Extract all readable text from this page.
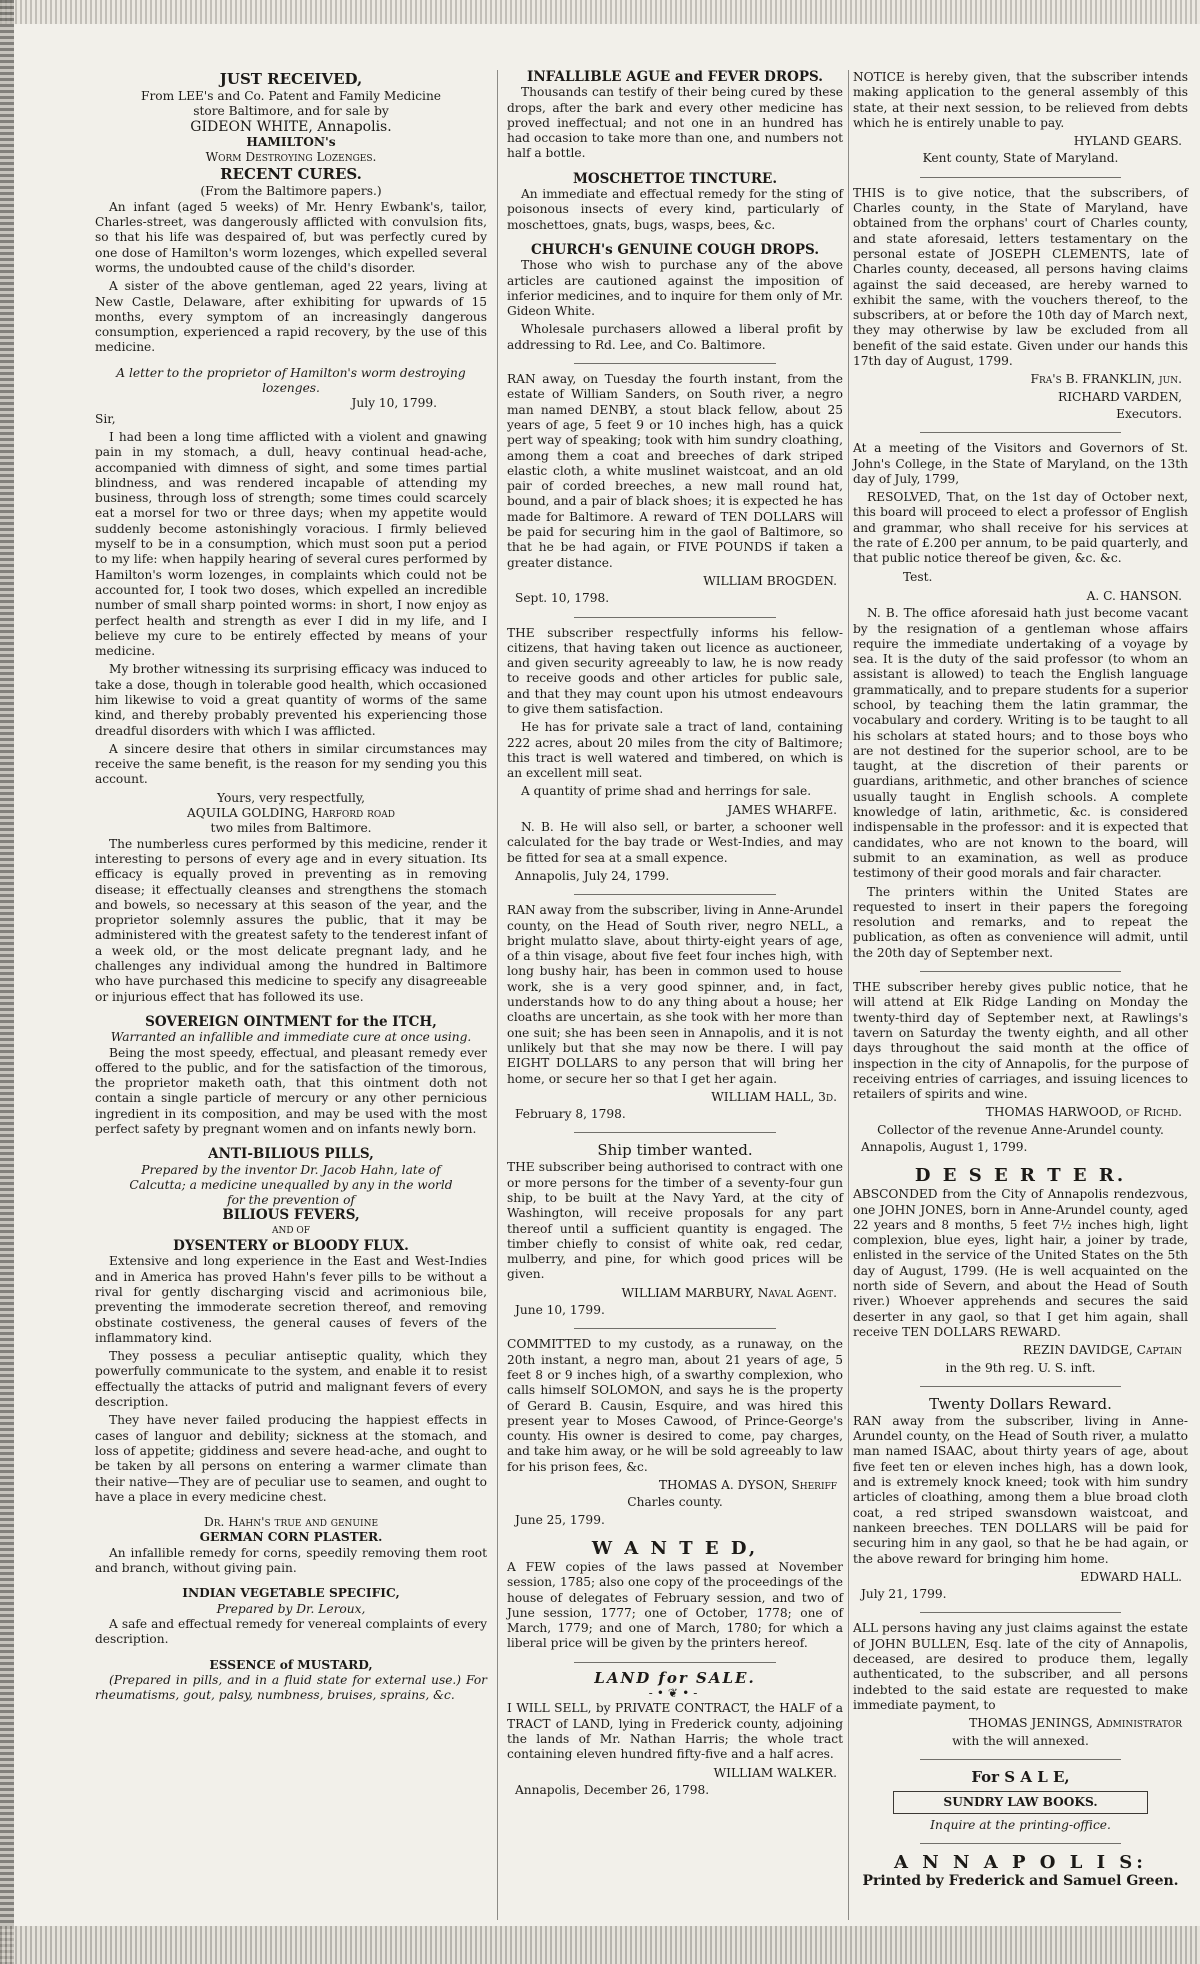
JUST RECEIVED,
From LEE's and Co. Patent and Family Medicine
store Baltimore, and for sale by
GIDEON WHITE, Annapolis.
HAMILTON's
Worm Destroying Lozenges.
RECENT CURES.
(From the Baltimore papers.)

An infant (aged 5 weeks) of Mr. Henry Ewbank's, tailor, Charles-street, was dangerously afflicted with convulsion fits, so that his life was despaired of, but was perfectly cured by one dose of Hamilton's worm lozenges, which expelled several worms, the undoubted cause of the child's disorder.

A sister of the above gentleman, aged 22 years, living at New Castle, Delaware, after exhibiting for upwards of 15 months, every symptom of an increasingly dangerous consumption, experienced a rapid recovery, by the use of this medicine.

A letter to the proprietor of Hamilton's worm destroying lozenges.
July 10, 1799.

Sir,

I had been a long time afflicted with a violent and gnawing pain in my stomach, a dull, heavy continual head-ache, accompanied with dimness of sight, and some times partial blindness, and was rendered incapable of attending my business, through loss of strength; some times could scarcely eat a morsel for two or three days; when my appetite would suddenly become astonishingly voracious. I firmly believed myself to be in a consumption, which must soon put a period to my life: when happily hearing of several cures performed by Hamilton's worm lozenges, in complaints which could not be accounted for, I took two doses, which expelled an incredible number of small sharp pointed worms: in short, I now enjoy as perfect health and strength as ever I did in my life, and I believe my cure to be entirely effected by means of your medicine.

My brother witnessing its surprising efficacy was induced to take a dose, though in tolerable good health, which occasioned him likewise to void a great quantity of worms of the same kind, and thereby probably prevented his experiencing those dreadful disorders with which I was afflicted.

A sincere desire that others in similar circumstances may receive the same benefit, is the reason for my sending you this account.

Yours, very respectfully,
AQUILA GOLDING, Harford road
two miles from Baltimore.

The numberless cures performed by this medicine, render it interesting to persons of every age and in every situation. Its efficacy is equally proved in preventing as in removing disease; it effectually cleanses and strengthens the stomach and bowels, so necessary at this season of the year, and the proprietor solemnly assures the public, that it may be administered with the greatest safety to the tenderest infant of a week old, or the most delicate pregnant lady, and he challenges any individual among the hundred in Baltimore who have purchased this medicine to specify any disagreeable or injurious effect that has followed its use.

SOVEREIGN OINTMENT for the ITCH,
Warranted an infallible and immediate cure at once using.

Being the most speedy, effectual, and pleasant remedy ever offered to the public, and for the satisfaction of the timorous, the proprietor maketh oath, that this ointment doth not contain a single particle of mercury or any other pernicious ingredient in its composition, and may be used with the most perfect safety by pregnant women and on infants newly born.

ANTI-BILIOUS PILLS,
Prepared by the inventor Dr. Jacob Hahn, late of Calcutta; a medicine unequalled by any in the world for the prevention of
BILIOUS FEVERS,
AND OF
DYSENTERY or BLOODY FLUX.

Extensive and long experience in the East and West-Indies and in America has proved Hahn's fever pills to be without a rival for gently discharging viscid and acrimonious bile, preventing the immoderate secretion thereof, and removing obstinate costiveness, the general causes of fevers of the inflammatory kind.

They possess a peculiar antiseptic quality, which they powerfully communicate to the system, and enable it to resist effectually the attacks of putrid and malignant fevers of every description.

They have never failed producing the happiest effects in cases of languor and debility; sickness at the stomach, and loss of appetite; giddiness and severe head-ache, and ought to be taken by all persons on entering a warmer climate than their native—They are of peculiar use to seamen, and ought to have a place in every medicine chest.

Dr. Hahn's true and genuine
GERMAN CORN PLASTER.

An infallible remedy for corns, speedily removing them root and branch, without giving pain.

INDIAN VEGETABLE SPECIFIC,
Prepared by Dr. Leroux,

A safe and effectual remedy for venereal complaints of every description.

ESSENCE of MUSTARD,

(Prepared in pills, and in a fluid state for external use.) For rheumatisms, gout, palsy, numbness, bruises, sprains, &c.

INFALLIBLE AGUE and FEVER DROPS.

Thousands can testify of their being cured by these drops, after the bark and every other medicine has proved ineffectual; and not one in an hundred has had occasion to take more than one, and numbers not half a bottle.

MOSCHETTOE TINCTURE.

An immediate and effectual remedy for the sting of poisonous insects of every kind, particularly of moschettoes, gnats, bugs, wasps, bees, &c.

CHURCH's GENUINE COUGH DROPS.

Those who wish to purchase any of the above articles are cautioned against the imposition of inferior medicines, and to inquire for them only of Mr. Gideon White.

Wholesale purchasers allowed a liberal profit by addressing to Rd. Lee, and Co. Baltimore.

RAN away, on Tuesday the fourth instant, from the estate of William Sanders, on South river, a negro man named DENBY, a stout black fellow, about 25 years of age, 5 feet 9 or 10 inches high, has a quick pert way of speaking; took with him sundry cloathing, among them a coat and breeches of dark striped elastic cloth, a white muslinet waistcoat, and an old pair of corded breeches, a new mall round hat, bound, and a pair of black shoes; it is expected he has made for Baltimore. A reward of TEN DOLLARS will be paid for securing him in the gaol of Baltimore, so that he be had again, or FIVE POUNDS if taken a greater distance.

WILLIAM BROGDEN.
Sept. 10, 1798.

THE subscriber respectfully informs his fellow-citizens, that having taken out licence as auctioneer, and given security agreeably to law, he is now ready to receive goods and other articles for public sale, and that they may count upon his utmost endeavours to give them satisfaction.

He has for private sale a tract of land, containing 222 acres, about 20 miles from the city of Baltimore; this tract is well watered and timbered, on which is an excellent mill seat.

A quantity of prime shad and herrings for sale.

JAMES WHARFE.

N. B. He will also sell, or barter, a schooner well calculated for the bay trade or West-Indies, and may be fitted for sea at a small expence.

Annapolis, July 24, 1799.

RAN away from the subscriber, living in Anne-Arundel county, on the Head of South river, negro NELL, a bright mulatto slave, about thirty-eight years of age, of a thin visage, about five feet four inches high, with long bushy hair, has been in common used to house work, she is a very good spinner, and, in fact, understands how to do any thing about a house; her cloaths are uncertain, as she took with her more than one suit; she has been seen in Annapolis, and it is not unlikely but that she may now be there. I will pay EIGHT DOLLARS to any person that will bring her home, or secure her so that I get her again.

WILLIAM HALL, 3d.
February 8, 1798.
Ship timber wanted.

THE subscriber being authorised to contract with one or more persons for the timber of a seventy-four gun ship, to be built at the Navy Yard, at the city of Washington, will receive proposals for any part thereof until a sufficient quantity is engaged. The timber chiefly to consist of white oak, red cedar, mulberry, and pine, for which good prices will be given.

WILLIAM MARBURY, Naval Agent.
June 10, 1799.

COMMITTED to my custody, as a runaway, on the 20th instant, a negro man, about 21 years of age, 5 feet 8 or 9 inches high, of a swarthy complexion, who calls himself SOLOMON, and says he is the property of Gerard B. Causin, Esquire, and was hired this present year to Moses Cawood, of Prince-George's county. His owner is desired to come, pay charges, and take him away, or he will be sold agreeably to law for his prison fees, &c.

THOMAS A. DYSON, Sheriff
Charles county.
June 25, 1799.
W A N T E D,

A FEW copies of the laws passed at November session, 1785; also one copy of the proceedings of the house of delegates of February session, and two of June session, 1777; one of October, 1778; one of March, 1779; and one of March, 1780; for which a liberal price will be given by the printers hereof.

LAND for SALE.
-•❦•-

I WILL SELL, by PRIVATE CONTRACT, the HALF of a TRACT of LAND, lying in Frederick county, adjoining the lands of Mr. Nathan Harris; the whole tract containing eleven hundred fifty-five and a half acres.

WILLIAM WALKER.
Annapolis, December 26, 1798.

NOTICE is hereby given, that the subscriber intends making application to the general assembly of this state, at their next session, to be relieved from debts which he is entirely unable to pay.

HYLAND GEARS.
Kent county, State of Maryland.

THIS is to give notice, that the subscribers, of Charles county, in the State of Maryland, have obtained from the orphans' court of Charles county, and state aforesaid, letters testamentary on the personal estate of JOSEPH CLEMENTS, late of Charles county, deceased, all persons having claims against the said deceased, are hereby warned to exhibit the same, with the vouchers thereof, to the subscribers, at or before the 10th day of March next, they may otherwise by law be excluded from all benefit of the said estate. Given under our hands this 17th day of August, 1799.

Fra's B. FRANKLIN, jun.
RICHARD VARDEN,
Executors.

At a meeting of the Visitors and Governors of St. John's College, in the State of Maryland, on the 13th day of July, 1799,

RESOLVED, That, on the 1st day of October next, this board will proceed to elect a professor of English and grammar, who shall receive for his services at the rate of £.200 per annum, to be paid quarterly, and that public notice thereof be given, &c. &c.

Test.
A. C. HANSON.

N. B. The office aforesaid hath just become vacant by the resignation of a gentleman whose affairs require the immediate undertaking of a voyage by sea. It is the duty of the said professor (to whom an assistant is allowed) to teach the English language grammatically, and to prepare students for a superior school, by teaching them the latin grammar, the vocabulary and cordery. Writing is to be taught to all his scholars at stated hours; and to those boys who are not destined for the superior school, are to be taught, at the discretion of their parents or guardians, arithmetic, and other branches of science usually taught in English schools. A complete knowledge of latin, arithmetic, &c. is considered indispensable in the professor: and it is expected that candidates, who are not known to the board, will submit to an examination, as well as produce testimony of their good morals and fair character.

The printers within the United States are requested to insert in their papers the foregoing resolution and remarks, and to repeat the publication, as often as convenience will admit, until the 20th day of September next.

THE subscriber hereby gives public notice, that he will attend at Elk Ridge Landing on Monday the twenty-third day of September next, at Rawlings's tavern on Saturday the twenty eighth, and all other days throughout the said month at the office of inspection in the city of Annapolis, for the purpose of receiving entries of carriages, and issuing licences to retailers of spirits and wine.

THOMAS HARWOOD, of Richd.
Collector of the revenue Anne-Arundel county.
Annapolis, August 1, 1799.
D E S E R T E R.

ABSCONDED from the City of Annapolis rendezvous, one JOHN JONES, born in Anne-Arundel county, aged 22 years and 8 months, 5 feet 7½ inches high, light complexion, blue eyes, light hair, a joiner by trade, enlisted in the service of the United States on the 5th day of August, 1799. (He is well acquainted on the north side of Severn, and about the Head of South river.) Whoever apprehends and secures the said deserter in any gaol, so that I get him again, shall receive TEN DOLLARS REWARD.

REZIN DAVIDGE, Captain
in the 9th reg. U. S. inft.
Twenty Dollars Reward.

RAN away from the subscriber, living in Anne-Arundel county, on the Head of South river, a mulatto man named ISAAC, about thirty years of age, about five feet ten or eleven inches high, has a down look, and is extremely knock kneed; took with him sundry articles of cloathing, among them a blue broad cloth coat, a red striped swansdown waistcoat, and nankeen breeches. TEN DOLLARS will be paid for securing him in any gaol, so that he be had again, or the above reward for bringing him home.

EDWARD HALL.
July 21, 1799.

ALL persons having any just claims against the estate of JOHN BULLEN, Esq. late of the city of Annapolis, deceased, are desired to produce them, legally authenticated, to the subscriber, and all persons indebted to the said estate are requested to make immediate payment, to

THOMAS JENINGS, Administrator
with the will annexed.
For S A L E,
SUNDRY LAW BOOKS.
Inquire at the printing-office.
A N N A P O L I S:
Printed by Frederick and Samuel Green.
